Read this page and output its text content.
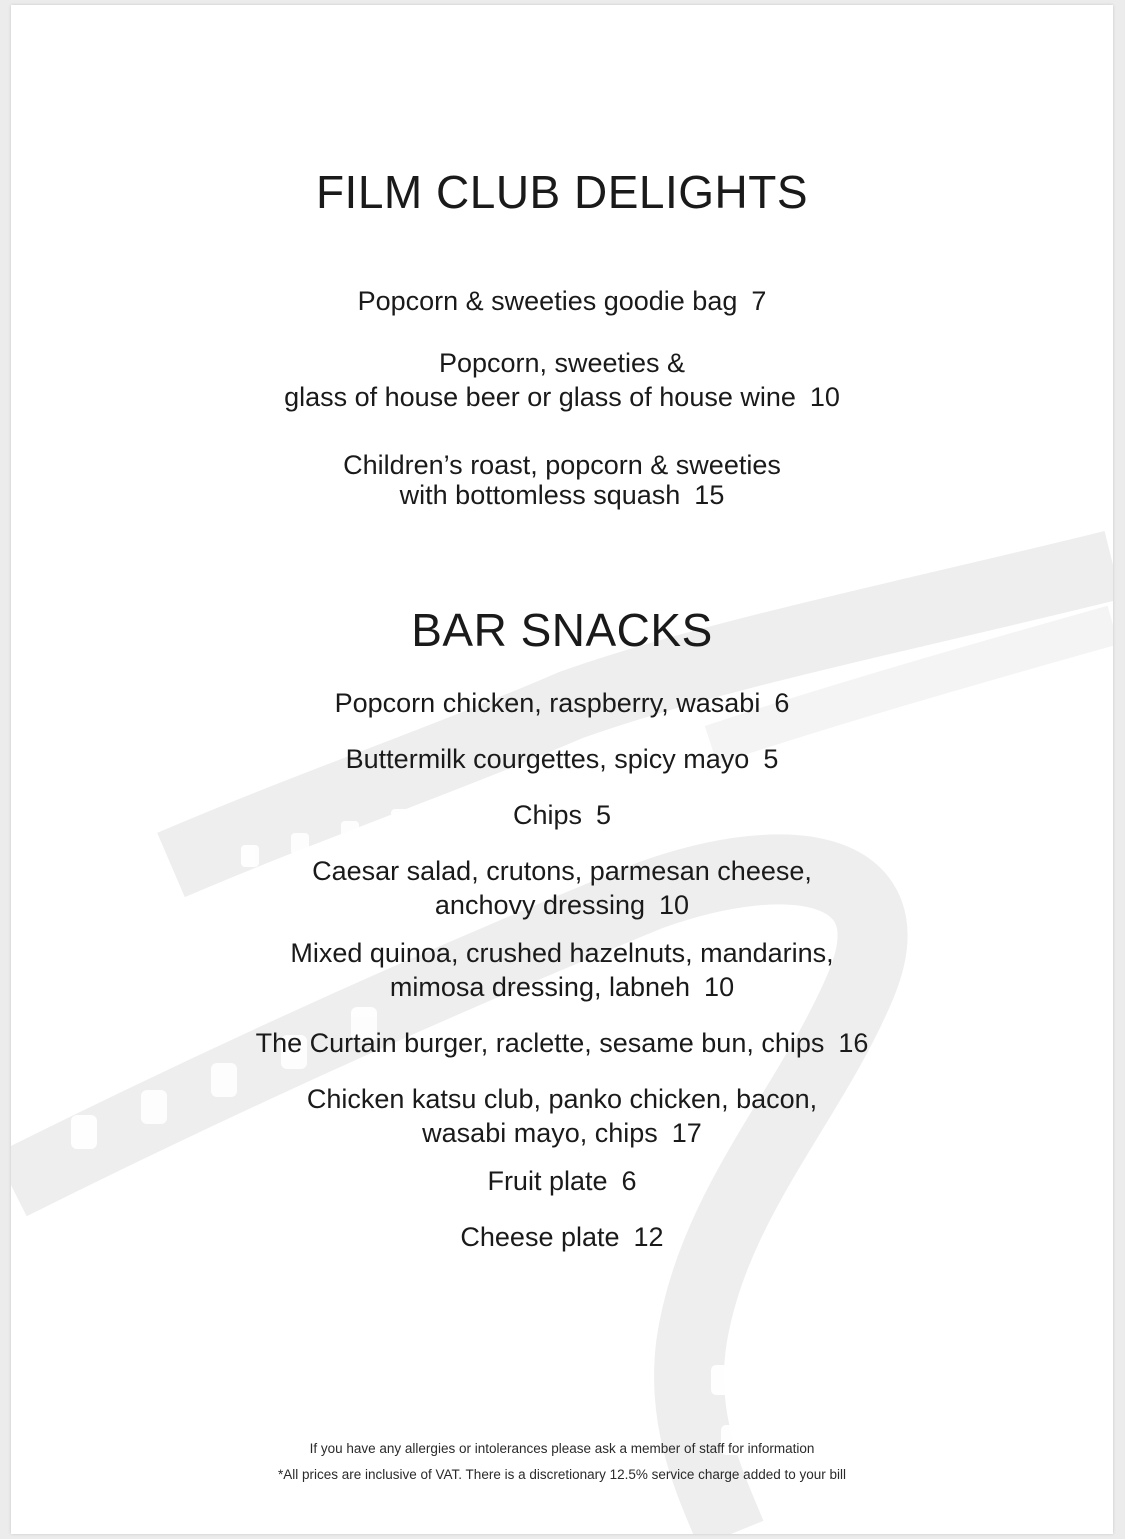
FILM CLUB DELIGHTS
Popcorn & sweeties goodie bag 7
Popcorn, sweeties &
glass of house beer or glass of house wine 10
Children’s roast, popcorn & sweeties
with bottomless squash 15
BAR SNACKS
Popcorn chicken, raspberry, wasabi 6
Buttermilk courgettes, spicy mayo 5
Chips 5
Caesar salad, crutons, parmesan cheese,
anchovy dressing 10
Mixed quinoa, crushed hazelnuts, mandarins,
mimosa dressing, labneh 10
The Curtain burger, raclette, sesame bun, chips 16
Chicken katsu club, panko chicken, bacon,
wasabi mayo, chips 17
Fruit plate 6
Cheese plate 12
If you have any allergies or intolerances please ask a member of staff for information
*All prices are inclusive of VAT. There is a discretionary 12.5% service charge added to your bill
